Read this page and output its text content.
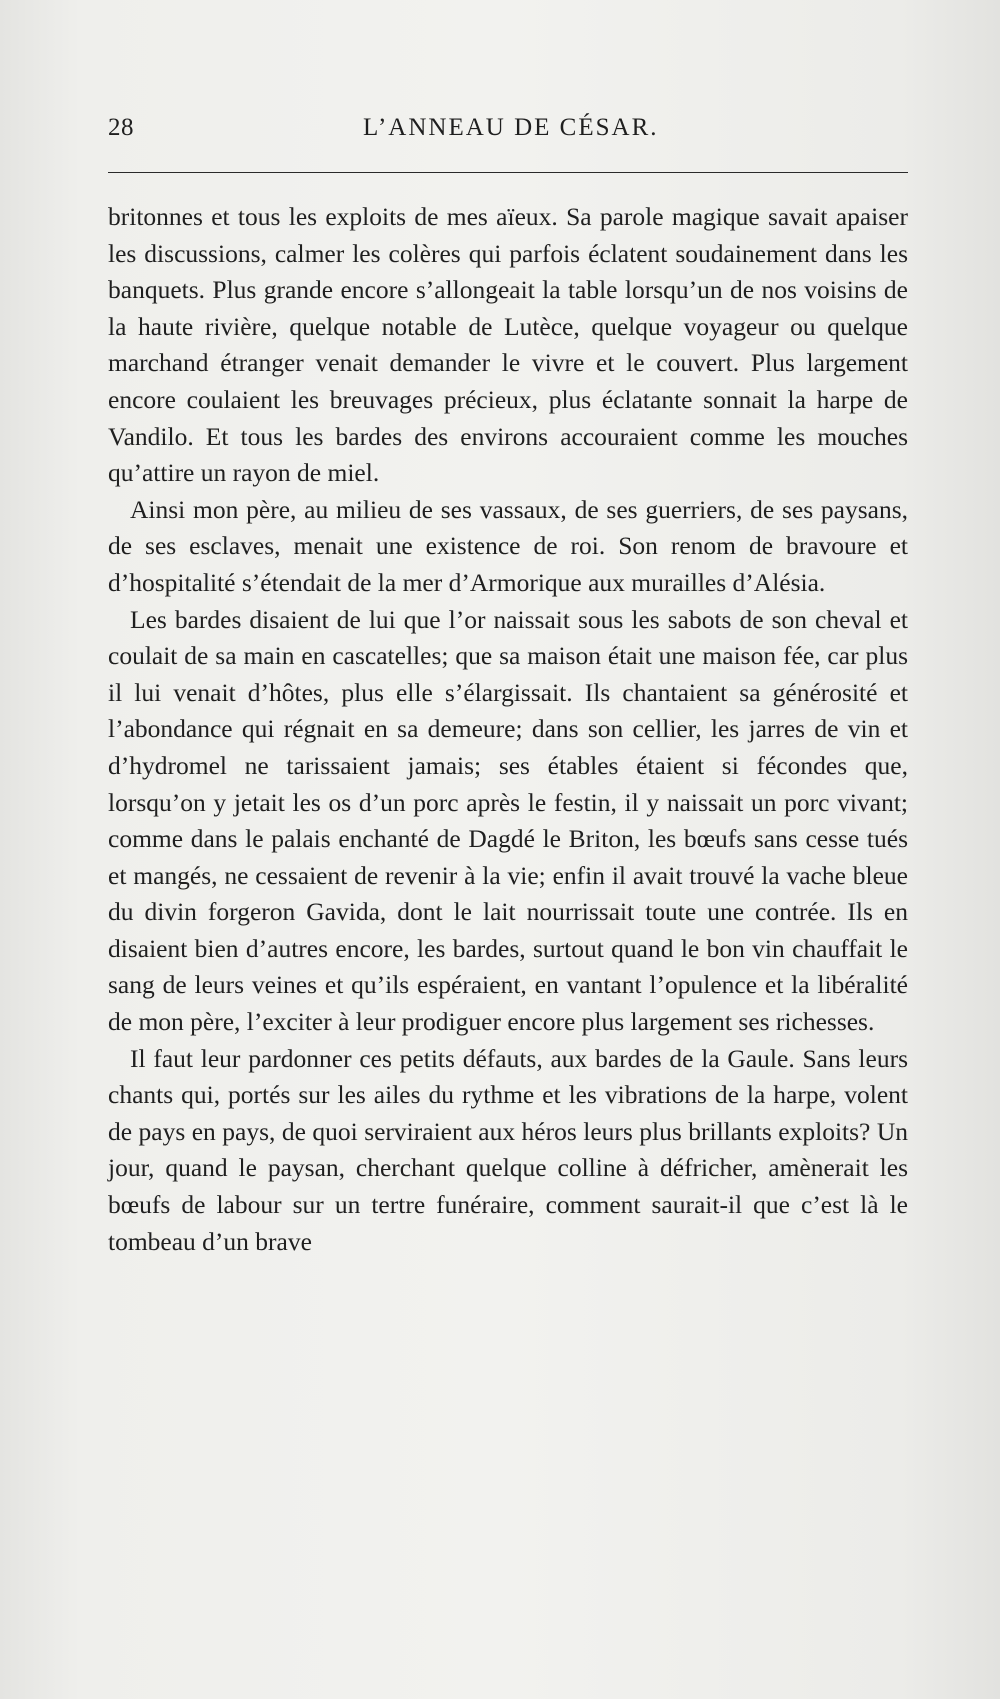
28	L’ANNEAU DE CÉSAR.

britonnes et tous les exploits de mes aïeux. Sa parole magique savait apaiser les discussions, calmer les colères qui parfois éclatent soudainement dans les banquets. Plus grande encore s’allongeait la table lorsqu’un de nos voisins de la haute rivière, quelque notable de Lutèce, quelque voyageur ou quelque marchand étranger venait demander le vivre et le couvert. Plus largement encore coulaient les breuvages précieux, plus éclatante sonnait la harpe de Vandilo. Et tous les bardes des environs accouraient comme les mouches qu’attire un rayon de miel.

Ainsi mon père, au milieu de ses vassaux, de ses guerriers, de ses paysans, de ses esclaves, menait une existence de roi. Son renom de bravoure et d’hospitalité s’étendait de la mer d’Armorique aux murailles d’Alésia.

Les bardes disaient de lui que l’or naissait sous les sabots de son cheval et coulait de sa main en cascatelles; que sa maison était une maison fée, car plus il lui venait d’hôtes, plus elle s’élargissait. Ils chantaient sa générosité et l’abondance qui régnait en sa demeure; dans son cellier, les jarres de vin et d’hydromel ne tarissaient jamais; ses étables étaient si fécondes que, lorsqu’on y jetait les os d’un porc après le festin, il y naissait un porc vivant; comme dans le palais enchanté de Dagdé le Briton, les bœufs sans cesse tués et mangés, ne cessaient de revenir à la vie; enfin il avait trouvé la vache bleue du divin forgeron Gavida, dont le lait nourrissait toute une contrée. Ils en disaient bien d’autres encore, les bardes, surtout quand le bon vin chauffait le sang de leurs veines et qu’ils espéraient, en vantant l’opulence et la libéralité de mon père, l’exciter à leur prodiguer encore plus largement ses richesses.

Il faut leur pardonner ces petits défauts, aux bardes de la Gaule. Sans leurs chants qui, portés sur les ailes du rythme et les vibrations de la harpe, volent de pays en pays, de quoi serviraient aux héros leurs plus brillants exploits? Un jour, quand le paysan, cherchant quelque colline à défricher, amènerait les bœufs de labour sur un tertre funéraire, comment saurait-il que c’est là le tombeau d’un brave
